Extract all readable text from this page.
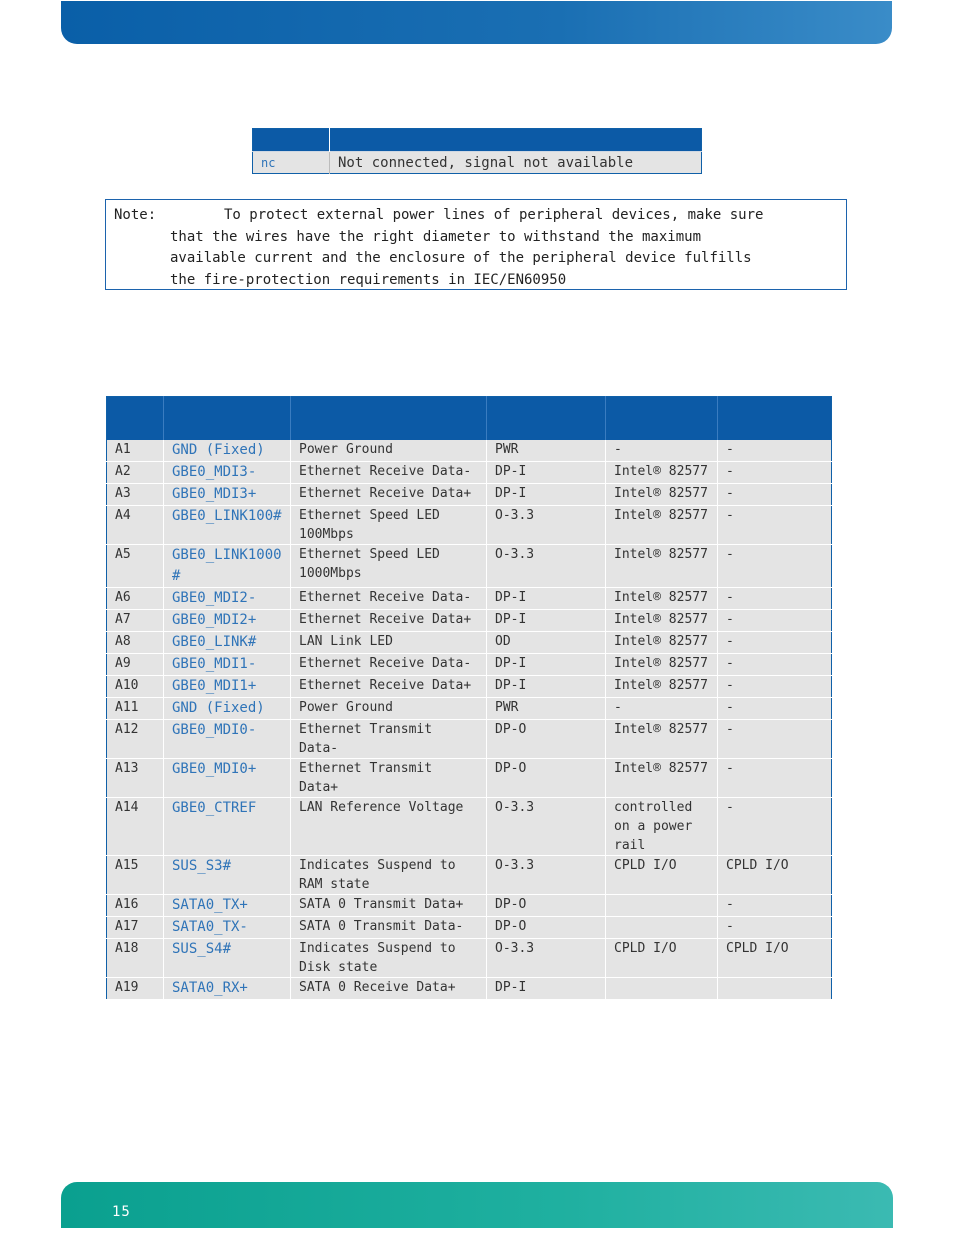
nc	Not connected, signal not available
Note:	To protect external power lines of peripheral devices, make sure
that the wires have the right diameter to withstand the maximum
available current and the enclosure of the peripheral device fulfills
the fire-protection requirements in IEC/EN60950

A1	GND (Fixed)	Power Ground	PWR	-	-
A2	GBE0_MDI3-	Ethernet Receive Data-	DP-I	Intel® 82577	-
A3	GBE0_MDI3+	Ethernet Receive Data+	DP-I	Intel® 82577	-
A4	GBE0_LINK100#	Ethernet Speed LED 100Mbps	O-3.3	Intel® 82577	-
A5	GBE0_LINK1000#	Ethernet Speed LED 1000Mbps	O-3.3	Intel® 82577	-
A6	GBE0_MDI2-	Ethernet Receive Data-	DP-I	Intel® 82577	-
A7	GBE0_MDI2+	Ethernet Receive Data+	DP-I	Intel® 82577	-
A8	GBE0_LINK#	LAN Link LED	OD	Intel® 82577	-
A9	GBE0_MDI1-	Ethernet Receive Data-	DP-I	Intel® 82577	-
A10	GBE0_MDI1+	Ethernet Receive Data+	DP-I	Intel® 82577	-
A11	GND (Fixed)	Power Ground	PWR	-	-
A12	GBE0_MDI0-	Ethernet Transmit Data-	DP-O	Intel® 82577	-
A13	GBE0_MDI0+	Ethernet Transmit Data+	DP-O	Intel® 82577	-
A14	GBE0_CTREF	LAN Reference Voltage	O-3.3	controlled on a power rail	-
A15	SUS_S3#	Indicates Suspend to RAM state	O-3.3	CPLD I/O	CPLD I/O
A16	SATA0_TX+	SATA 0 Transmit Data+	DP-O		-
A17	SATA0_TX-	SATA 0 Transmit Data-	DP-O		-
A18	SUS_S4#	Indicates Suspend to Disk state	O-3.3	CPLD I/O	CPLD I/O
A19	SATA0_RX+	SATA 0 Receive Data+	DP-I		
15
